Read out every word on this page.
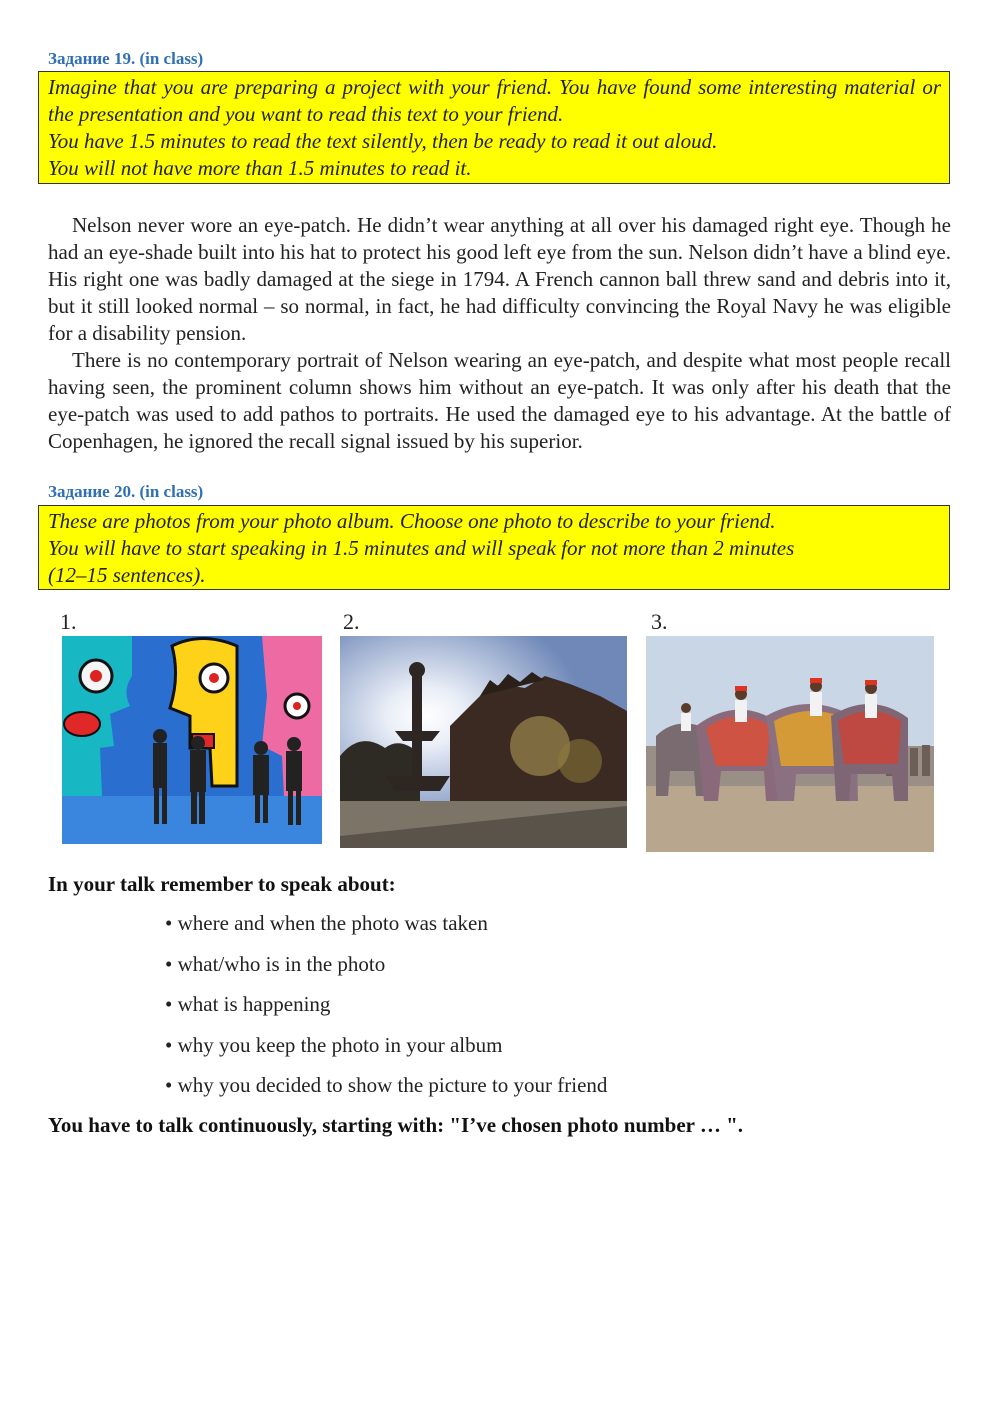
Задание 19. (in class)

Imagine that you are preparing a project with your friend. You have found some interesting material or the presentation and you want to read this text to your friend.

You have 1.5 minutes to read the text silently, then be ready to read it out aloud.

You will not have more than 1.5 minutes to read it.

Nelson never wore an eye-patch. He didn’t wear anything at all over his damaged right eye. Though he had an eye-shade built into his hat to protect his good left eye from the sun. Nelson didn’t have a blind eye. His right one was badly damaged at the siege in 1794. A French cannon ball threw sand and debris into it, but it still looked normal – so normal, in fact, he had difficulty convincing the Royal Navy he was eligible for a disability pension.

There is no contemporary portrait of Nelson wearing an eye-patch, and despite what most people recall having seen, the prominent column shows him without an eye-patch. It was only after his death that the eye-patch was used to add pathos to portraits. He used the damaged eye to his advantage. At the battle of Copenhagen, he ignored the recall signal issued by his superior.

Задание 20. (in class)

These are photos from your photo album. Choose one photo to describe to your friend.

You will have to start speaking in 1.5 minutes and will speak for not more than 2 minutes

(12–15 sentences).

1.	2.	3.
In your talk remember to speak about:
• where and when the photo was taken
• what/who is in the photo
• what is happening
• why you keep the photo in your album
• why you decided to show the picture to your friend
You have to talk continuously, starting with: "I’ve chosen photo number … ".
